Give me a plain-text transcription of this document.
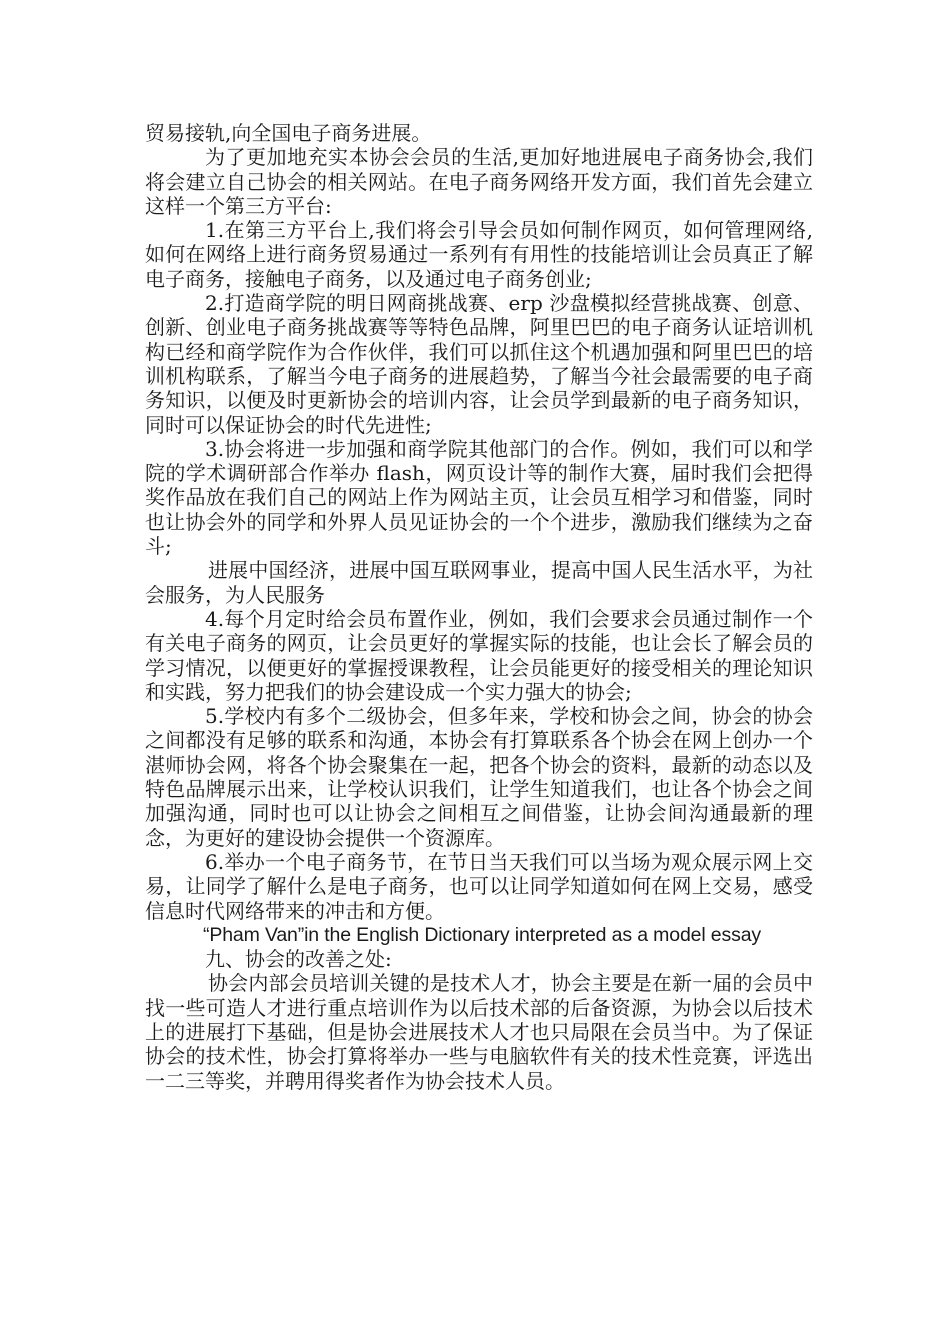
贸易接轨,向全国电子商务进展。

为了更加地充实本协会会员的生活,更加好地进展电子商务协会,我们将会建立自己协会的相关网站。在电子商务网络开发方面，我们首先会建立这样一个第三方平台:

1.在第三方平台上,我们将会引导会员如何制作网页，如何管理网络,如何在网络上进行商务贸易通过一系列有有用性的技能培训让会员真正了解电子商务，接触电子商务，以及通过电子商务创业;

2.打造商学院的明日网商挑战赛、erp 沙盘模拟经营挑战赛、创意、创新、创业电子商务挑战赛等等特色品牌，阿里巴巴的电子商务认证培训机构已经和商学院作为合作伙伴，我们可以抓住这个机遇加强和阿里巴巴的培训机构联系，了解当今电子商务的进展趋势，了解当今社会最需要的电子商务知识，以便及时更新协会的培训内容，让会员学到最新的电子商务知识，同时可以保证协会的时代先进性;

3.协会将进一步加强和商学院其他部门的合作。例如，我们可以和学院的学术调研部合作举办 flash，网页设计等的制作大赛，届时我们会把得奖作品放在我们自己的网站上作为网站主页，让会员互相学习和借鉴，同时也让协会外的同学和外界人员见证协会的一个个进步，激励我们继续为之奋斗;

进展中国经济，进展中国互联网事业，提高中国人民生活水平，为社会服务，为人民服务

4.每个月定时给会员布置作业，例如，我们会要求会员通过制作一个有关电子商务的网页，让会员更好的掌握实际的技能，也让会长了解会员的学习情况，以便更好的掌握授课教程，让会员能更好的接受相关的理论知识和实践，努力把我们的协会建设成一个实力强大的协会;

5.学校内有多个二级协会，但多年来，学校和协会之间，协会的协会之间都没有足够的联系和沟通，本协会有打算联系各个协会在网上创办一个湛师协会网，将各个协会聚集在一起，把各个协会的资料，最新的动态以及特色品牌展示出来，让学校认识我们，让学生知道我们，也让各个协会之间加强沟通，同时也可以让协会之间相互之间借鉴，让协会间沟通最新的理念，为更好的建设协会提供一个资源库。

6.举办一个电子商务节，在节日当天我们可以当场为观众展示网上交易，让同学了解什么是电子商务，也可以让同学知道如何在网上交易，感受信息时代网络带来的冲击和方便。

“Pham Van”in the English Dictionary interpreted as a model essay

九、协会的改善之处:

协会内部会员培训关键的是技术人才，协会主要是在新一届的会员中找一些可造人才进行重点培训作为以后技术部的后备资源，为协会以后技术上的进展打下基础，但是协会进展技术人才也只局限在会员当中。为了保证协会的技术性，协会打算将举办一些与电脑软件有关的技术性竞赛，评选出一二三等奖，并聘用得奖者作为协会技术人员。
